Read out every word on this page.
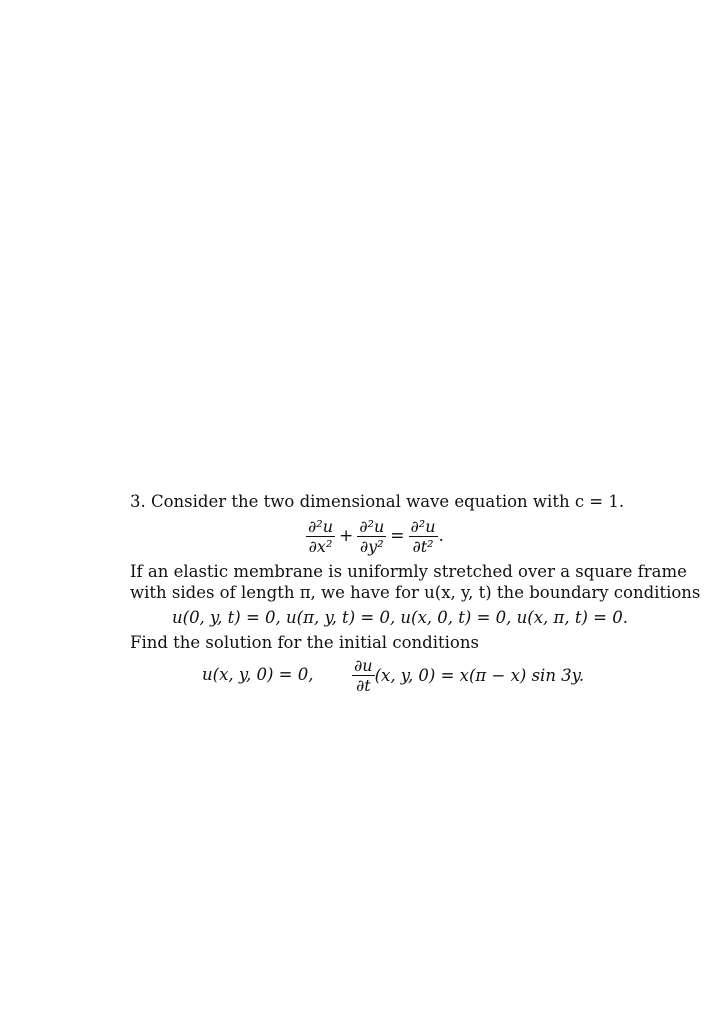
3. Consider the two dimensional wave equation with c = 1.
$\frac{\text{∂²u}}{\text{∂x²}} + \frac{\text{∂²u}}{\text{∂y²}} = \frac{\text{∂²u}}{\text{∂t²}}$ .
If an elastic membrane is uniformly stretched over a square frame
with sides of length π, we have for u(x, y, t) the boundary conditions
u(0, y, t) = 0, u(π, y, t) = 0, u(x, 0, t) = 0, u(x, π, t) = 0.
Find the solution for the initial conditions
u(x, y, 0) = 0, $\frac{\partial u}{\partial t} (x$, y, 0) = x(π − x) sin 3y.
